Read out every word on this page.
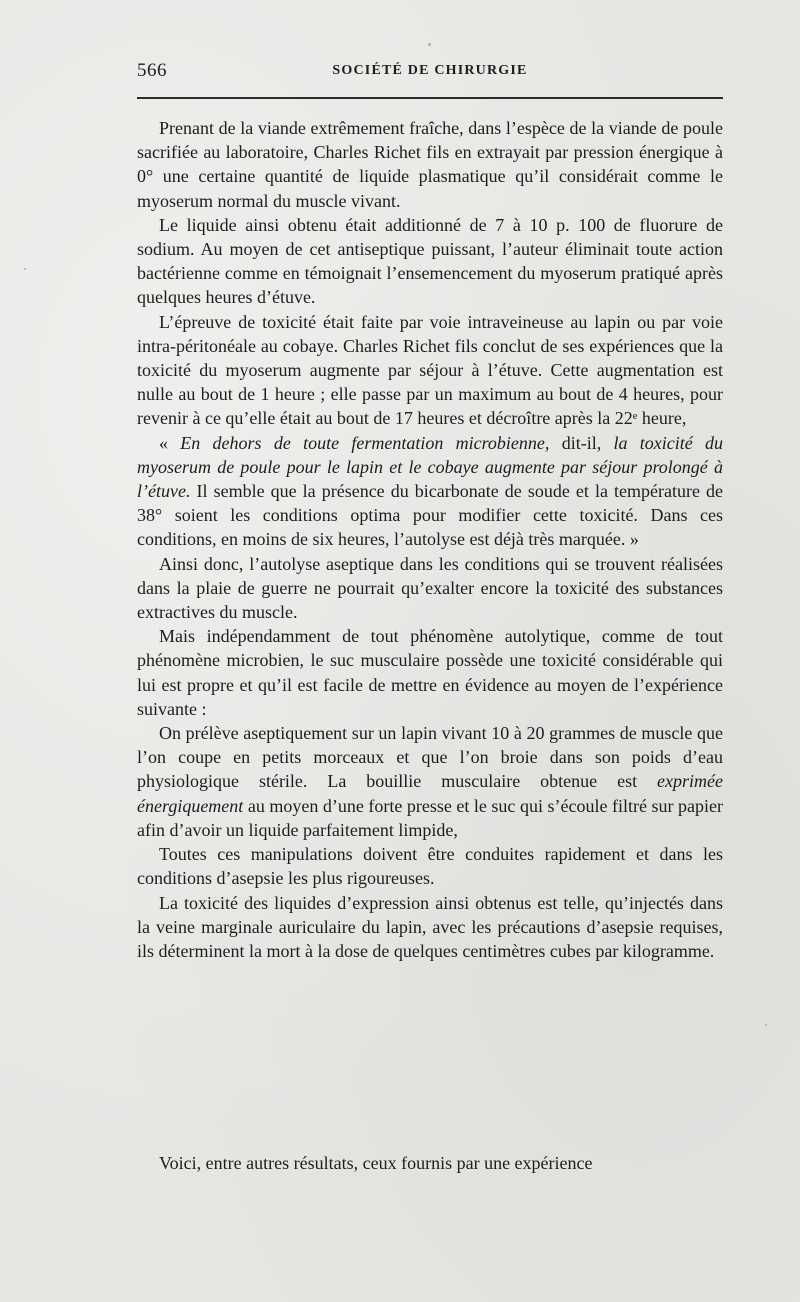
566	SOCIÉTÉ DE CHIRURGIE

Prenant de la viande extrêmement fraîche, dans l’espèce de la viande de poule sacrifiée au laboratoire, Charles Richet fils en extrayait par pression énergique à 0° une certaine quantité de liquide plasmatique qu’il considérait comme le myoserum normal du muscle vivant.

Le liquide ainsi obtenu était additionné de 7 à 10 p. 100 de fluorure de sodium. Au moyen de cet antiseptique puissant, l’auteur éliminait toute action bactérienne comme en témoignait l’ensemencement du myoserum pratiqué après quelques heures d’étuve.

L’épreuve de toxicité était faite par voie intraveineuse au lapin ou par voie intra-péritonéale au cobaye. Charles Richet fils conclut de ses expériences que la toxicité du myoserum augmente par séjour à l’étuve. Cette augmentation est nulle au bout de 1 heure ; elle passe par un maximum au bout de 4 heures, pour revenir à ce qu’elle était au bout de 17 heures et décroître après la 22ᵉ heure,

« En dehors de toute fermentation microbienne, dit-il, la toxicité du myoserum de poule pour le lapin et le cobaye augmente par séjour prolongé à l’étuve. Il semble que la présence du bicarbonate de soude et la température de 38° soient les conditions optima pour modifier cette toxicité. Dans ces conditions, en moins de six heures, l’autolyse est déjà très marquée. »

Ainsi donc, l’autolyse aseptique dans les conditions qui se trouvent réalisées dans la plaie de guerre ne pourrait qu’exalter encore la toxicité des substances extractives du muscle.

Mais indépendamment de tout phénomène autolytique, comme de tout phénomène microbien, le suc musculaire possède une toxicité considérable qui lui est propre et qu’il est facile de mettre en évidence au moyen de l’expérience suivante :

On prélève aseptiquement sur un lapin vivant 10 à 20 grammes de muscle que l’on coupe en petits morceaux et que l’on broie dans son poids d’eau physiologique stérile. La bouillie musculaire obtenue est exprimée énergiquement au moyen d’une forte presse et le suc qui s’écoule filtré sur papier afin d’avoir un liquide parfaitement limpide,

Toutes ces manipulations doivent être conduites rapidement et dans les conditions d’asepsie les plus rigoureuses.

La toxicité des liquides d’expression ainsi obtenus est telle, qu’injectés dans la veine marginale auriculaire du lapin, avec les précautions d’asepsie requises, ils déterminent la mort à la dose de quelques centimètres cubes par kilogramme.

Voici, entre autres résultats, ceux fournis par une expérience
